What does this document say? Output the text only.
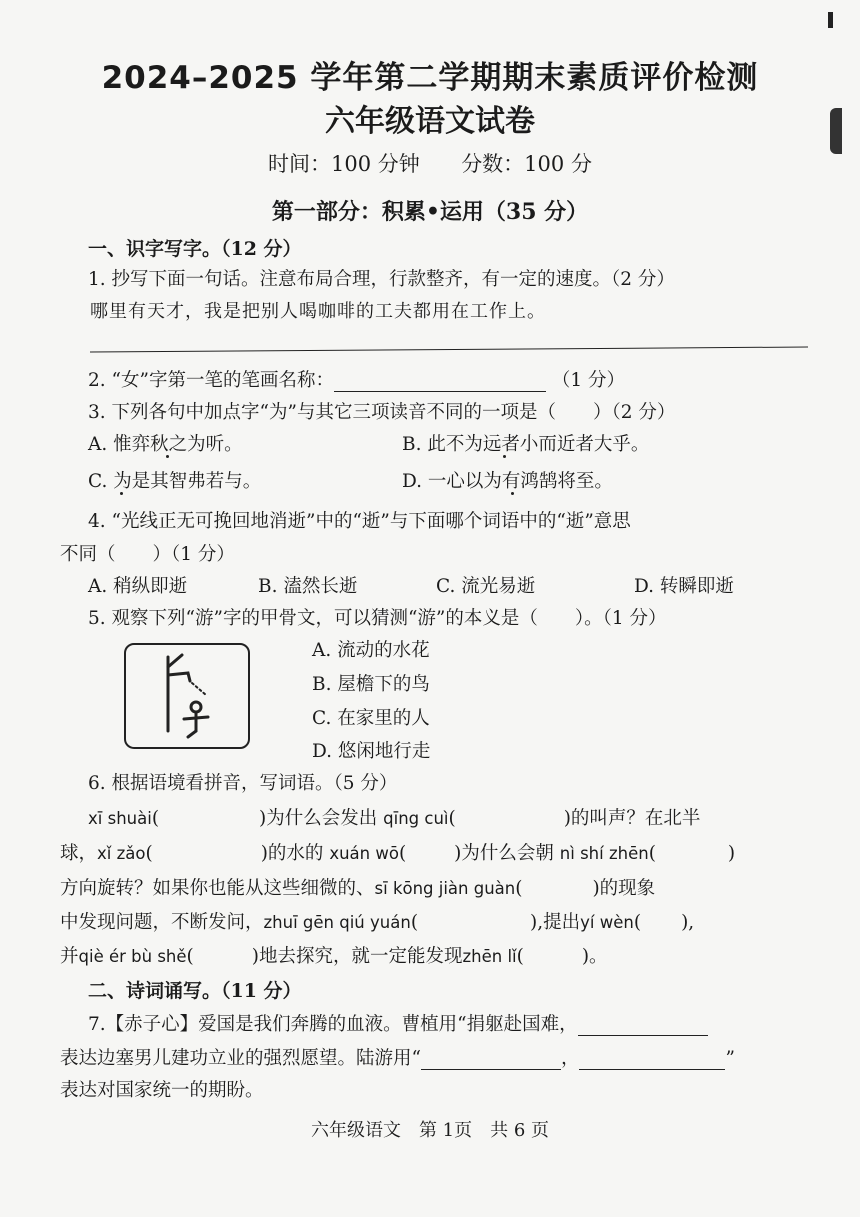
2024–2025 学年第二学期期末素质评价检测
六年级语文试卷
时间：100 分钟 分数：100 分
第一部分：积累•运用（35 分）
一、识字写字。（12 分）
1. 抄写下面一句话。注意布局合理，行款整齐，有一定的速度。（2 分）
哪里有天才，我是把别人喝咖啡的工夫都用在工作上。
2. “女”字第一笔的笔画名称：	（1 分）
3. 下列各句中加点字“为”与其它三项读音不同的一项是（　　）（2 分）
A. 惟弈秋之为听。	B. 此不为远者小而近者大乎。
C. 为是其智弗若与。	D. 一心以为有鸿鹄将至。
4. “光线正无可挽回地消逝”中的“逝”与下面哪个词语中的“逝”意思
不同（　　）（1 分）
A. 稍纵即逝	B. 溘然长逝	C. 流光易逝	D. 转瞬即逝
5. 观察下列“游”字的甲骨文，可以猜测“游”的本义是（　　）。（1 分）
A. 流动的水花
B. 屋檐下的鸟
C. 在家里的人
D. 悠闲地行走
6. 根据语境看拼音，写词语。（5 分）
xī shuài(	)为什么会发出 qīng cuì(	)的叫声？在北半
球，xǐ zǎo(	)的水的 xuán wō(	)为什么会朝 nì shí zhēn(	)
方向旋转？如果你也能从这些细微的、sī kōng jiàn guàn(	)的现象
中发现问题，不断发问，zhuī gēn qiú yuán(	),提出yí wèn( ),
并qiè ér bù shě(	)地去探究，就一定能发现zhēn lǐ(	)。
二、诗词诵写。（11 分）
7.【赤子心】爱国是我们奔腾的血液。曹植用“捐躯赴国难，
表达边塞男儿建功立业的强烈愿望。陆游用“	，	”
表达对国家统一的期盼。
六年级语文　第 1页　共 6 页
